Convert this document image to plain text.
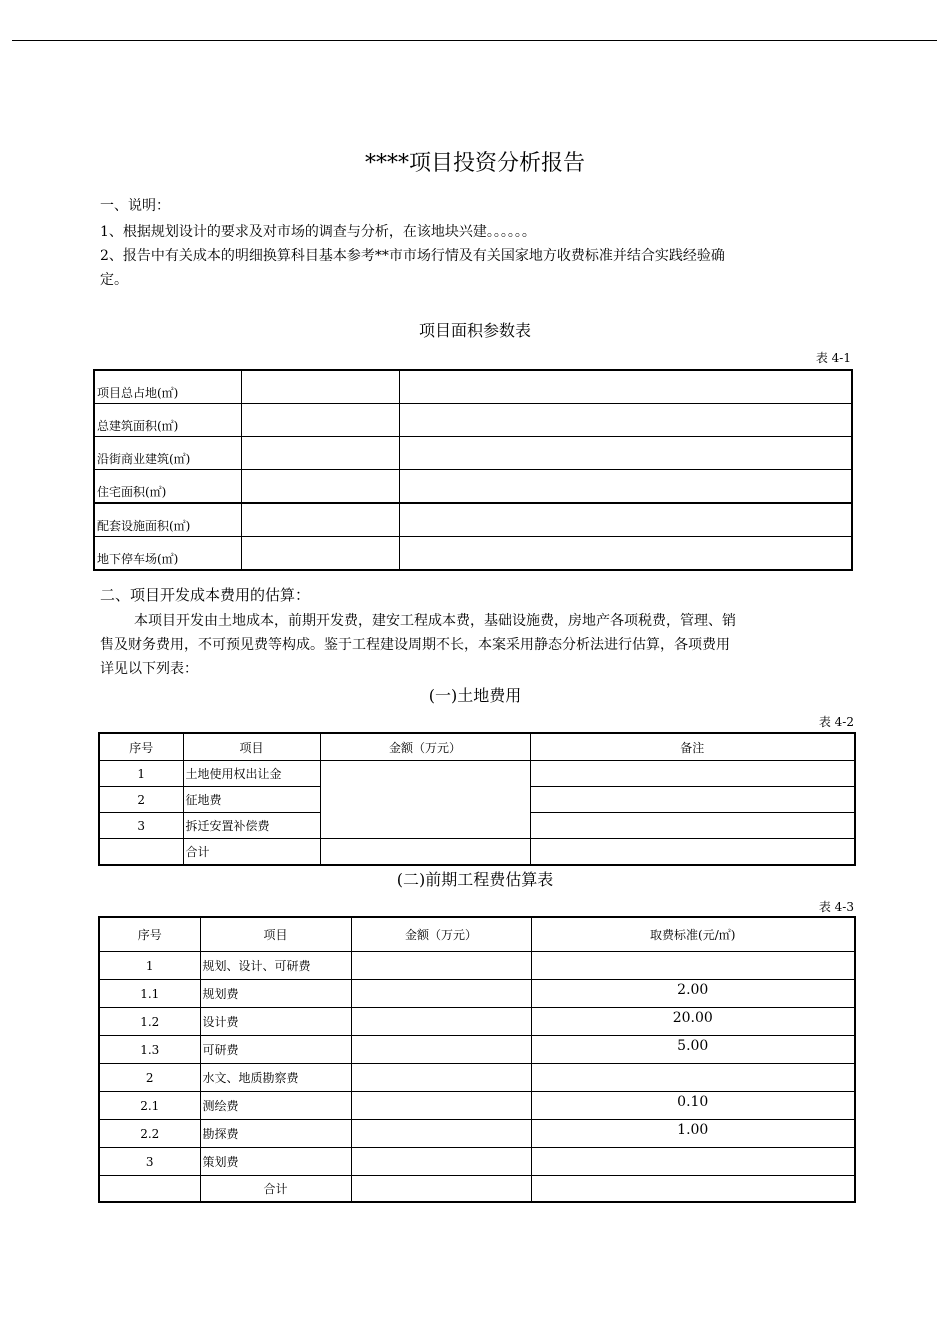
****项目投资分析报告
一、说明：
1、根据规划设计的要求及对市场的调查与分析，在该地块兴建。。。。。。
2、报告中有关成本的明细换算科目基本参考**市市场行情及有关国家地方收费标准并结合实践经验确
定。
项目面积参数表
表 4-1
项目总占地(㎡)		
总建筑面积(㎡)		
沿街商业建筑(㎡)		
住宅面积(㎡)		
配套设施面积(㎡)		
地下停车场(㎡)		
二、项目开发成本费用的估算：
本项目开发由土地成本，前期开发费，建安工程成本费，基础设施费，房地产各项税费，管理、销
售及财务费用，不可预见费等构成。鉴于工程建设周期不长，本案采用静态分析法进行估算，各项费用
详见以下列表：
(一)土地费用
表 4-2
序号	项目	金额（万元）	备注
1	土地使用权出让金		
2	征地费		
3	拆迁安置补偿费		
	合计		
(二)前期工程费估算表
表 4-3
序号	项目	金额（万元）	取费标准(元/㎡)
1	规划、设计、可研费		
1.1	规划费		2.00
1.2	设计费		20.00
1.3	可研费		5.00
2	水文、地质勘察费		
2.1	测绘费		0.10
2.2	勘探费		1.00
3	策划费		
	合计		
